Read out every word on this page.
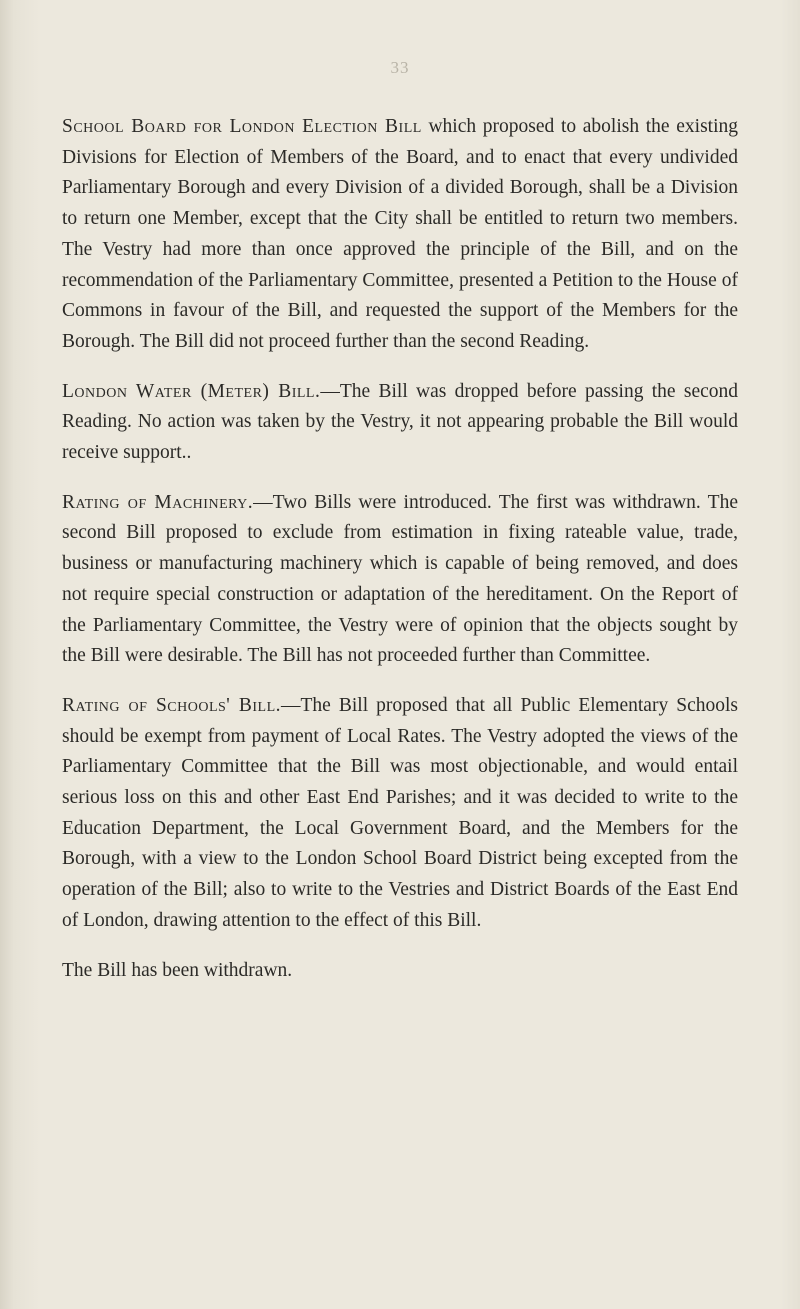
33

School Board for London Election Bill which proposed to abolish the existing Divisions for Election of Members of the Board, and to enact that every undivided Parliamentary Borough and every Division of a divided Borough, shall be a Division to return one Member, except that the City shall be entitled to return two members. The Vestry had more than once approved the principle of the Bill, and on the recommendation of the Parliamentary Committee, presented a Petition to the House of Commons in favour of the Bill, and requested the support of the Members for the Borough. The Bill did not proceed further than the second Reading.

London Water (Meter) Bill.—The Bill was dropped before passing the second Reading. No action was taken by the Vestry, it not appearing probable the Bill would receive support..

Rating of Machinery.—Two Bills were introduced. The first was withdrawn. The second Bill proposed to exclude from estimation in fixing rateable value, trade, business or manufacturing machinery which is capable of being removed, and does not require special construction or adaptation of the hereditament. On the Report of the Parliamentary Committee, the Vestry were of opinion that the objects sought by the Bill were desirable. The Bill has not proceeded further than Committee.

Rating of Schools' Bill.—The Bill proposed that all Public Elementary Schools should be exempt from payment of Local Rates. The Vestry adopted the views of the Parliamentary Committee that the Bill was most objectionable, and would entail serious loss on this and other East End Parishes; and it was decided to write to the Education Department, the Local Government Board, and the Members for the Borough, with a view to the London School Board District being excepted from the operation of the Bill; also to write to the Vestries and District Boards of the East End of London, drawing attention to the effect of this Bill.

The Bill has been withdrawn.
